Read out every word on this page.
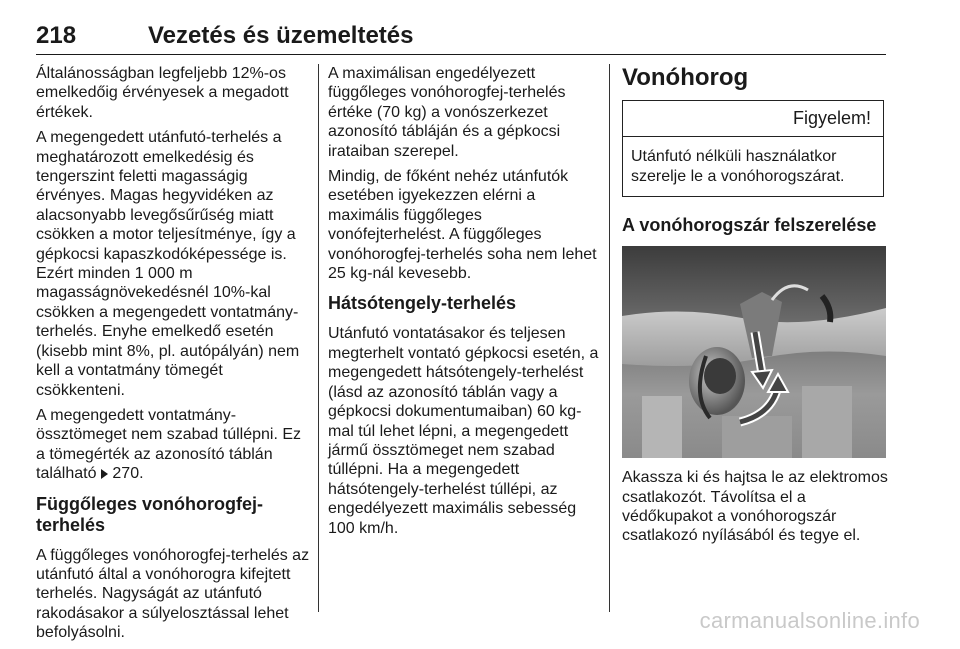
218	Vezetés és üzemeltetés

Általánosságban legfeljebb 12%-os emelkedőig érvényesek a megadott értékek.

A megengedett utánfutó-terhelés a meghatározott emelkedésig és tengerszint feletti magasságig érvényes. Magas hegyvidéken az alacsonyabb levegősűrűség miatt csökken a motor teljesítménye, így a gépkocsi kapaszkodóképessége is. Ezért minden 1 000 m magasságnövekedésnél 10%-kal csökken a megengedett vontatmány-terhelés. Enyhe emelkedő esetén (kisebb mint 8%, pl. autópályán) nem kell a vontatmány tömegét csökkenteni.

A megengedett vontatmány-össztömeget nem szabad túllépni. Ez a tömegérték az azonosító táblán található 270.

Függőleges vonóhorogfej-terhelés

A függőleges vonóhorogfej-terhelés az utánfutó által a vonóhorogra kifejtett terhelés. Nagyságát az utánfutó rakodásakor a súlyelosztással lehet befolyásolni.

A maximálisan engedélyezett függőleges vonóhorogfej-terhelés értéke (70 kg) a vonószerkezet azonosító tábláján és a gépkocsi irataiban szerepel.

Mindig, de főként nehéz utánfutók esetében igyekezzen elérni a maximális függőleges vonófejterhelést. A függőleges vonóhorogfej-terhelés soha nem lehet 25 kg-nál kevesebb.

Hátsótengely-terhelés

Utánfutó vontatásakor és teljesen megterhelt vontató gépkocsi esetén, a megengedett hátsótengely-terhelést (lásd az azonosító táblán vagy a gépkocsi dokumentumaiban) 60 kg-mal túl lehet lépni, a megengedett jármű össztömeget nem szabad túllépni. Ha a megengedett hátsótengely-terhelést túllépi, az engedélyezett maximális sebesség 100 km/h.

Vonóhorog
Figyelem!
Utánfutó nélküli használatkor szerelje le a vonóhorogszárat.
A vonóhorogszár felszerelése

Akassza ki és hajtsa le az elektromos csatlakozót. Távolítsa el a védőkupakot a vonóhorogszár csatlakozó nyílásából és tegye el.

carmanualsonline.info
